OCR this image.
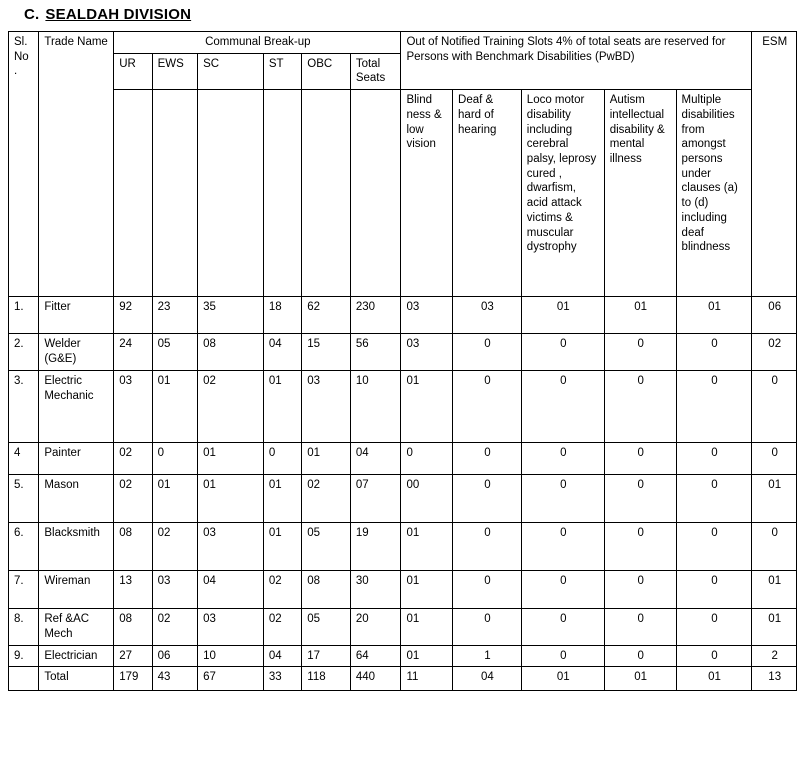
C. SEALDAH DIVISION
Sl. No .	Trade Name	Communal Break-up						Out of Notified Training Slots 4% of total seats are reserved for Persons with Benchmark Disabilities (PwBD)					ESM
		UR	EWS	SC	ST	OBC	Total Seats						
								Blind ness & low vision	Deaf & hard of hearing	Loco motor disability including cerebral palsy, leprosy cured , dwarfism, acid attack victims & muscular dystrophy	Autism intellectual disability & mental illness	Multiple disabilities from amongst persons under clauses (a) to (d) including deaf blindness	
1.	Fitter	92	23	35	18	62	230	03	03	01	01	01	06
2.	Welder (G&E)	24	05	08	04	15	56	03	0	0	0	0	02
3.	Electric Mechanic	03	01	02	01	03	10	01	0	0	0	0	0
4	Painter	02	0	01	0	01	04	0	0	0	0	0	0
5.	Mason	02	01	01	01	02	07	00	0	0	0	0	01
6.	Blacksmith	08	02	03	01	05	19	01	0	0	0	0	0
7.	Wireman	13	03	04	02	08	30	01	0	0	0	0	01
8.	Ref &AC Mech	08	02	03	02	05	20	01	0	0	0	0	01
9.	Electrician	27	06	10	04	17	64	01	1	0	0	0	2
	Total	179	43	67	33	118	440	11	04	01	01	01	13
